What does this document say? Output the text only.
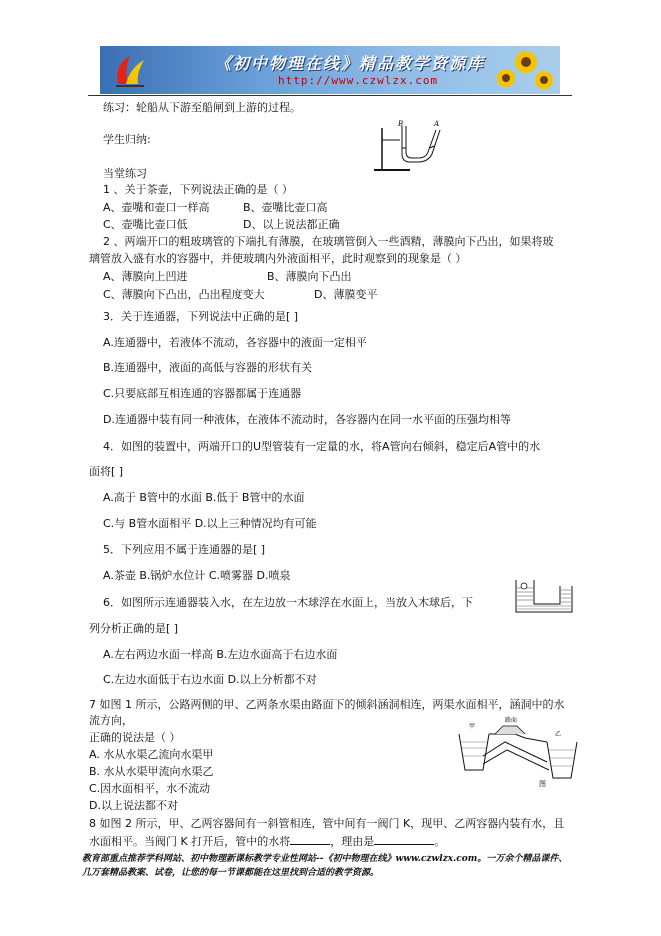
《初中物理在线》精品教学资源库
http://www.czwlzx.com
练习：轮船从下游至船闸到上游的过程。
学生归纳:
当堂练习
1 、关于茶壶，下列说法正确的是（ ）
A、壶嘴和壶口一样高	B、壶嘴比壶口高
C、壶嘴比壶口低	D、以上说法都正确
2 、两端开口的粗玻璃管的下端扎有薄膜，在玻璃管倒入一些酒精，薄膜向下凸出，如果将玻
璃管放入盛有水的容器中，并使玻璃内外液面相平，此时观察到的现象是（ ）
A、薄膜向上凹进	B、薄膜向下凸出
C、薄膜向下凸出，凸出程度变大	D、薄膜变平
3．关于连通器，下列说法中正确的是[ ]
A.连通器中，若液体不流动，各容器中的液面一定相平
B.连通器中，液面的高低与容器的形状有关
C.只要底部互相连通的容器都属于连通器
D.连通器中装有同一种液体，在液体不流动时，各容器内在同一水平面的压强均相等
4．如图的装置中，两端开口的U型管装有一定量的水，将A管向右倾斜，稳定后A管中的水
面将[ ]
A.高于 B管中的水面 B.低于 B管中的水面
C.与 B管水面相平 D.以上三种情况均有可能
5．下列应用不属于连通器的是[ ]
A.茶壶 B.锅炉水位计 C.喷雾器 D.喷泉
6．如图所示连通器装入水，在左边放一木球浮在水面上，当放入木球后，下
列分析正确的是[ ]
A.左右两边水面一样高 B.左边水面高于右边水面
C.左边水面低于右边水面 D.以上分析都不对
7 如图 1 所示，公路两侧的甲、乙两条水渠由路面下的倾斜涵洞相连，两渠水面相平，涵洞中的水
流方向，
正确的说法是（ ）
A. 水从水渠乙流向水渠甲
B. 水从水渠甲流向水渠乙
C.因水面相平，水不流动
D.以上说法都不对
8 如图 2 所示，甲、乙两容器间有一斜管相连，管中间有一阀门 K，现甲、乙两容器内装有水，且
水面相平。当阀门 K 打开后，管中的水将	，理由是	。
教育部重点推荐学科网站、初中物理新课标教学专业性网站--《初中物理在线》www.czwlzx.com。一万余个精品课件、
几万套精品教案、试卷，让您的每一节课都能在这里找到合适的教学资源。
B	A
甲
路面
乙
图
